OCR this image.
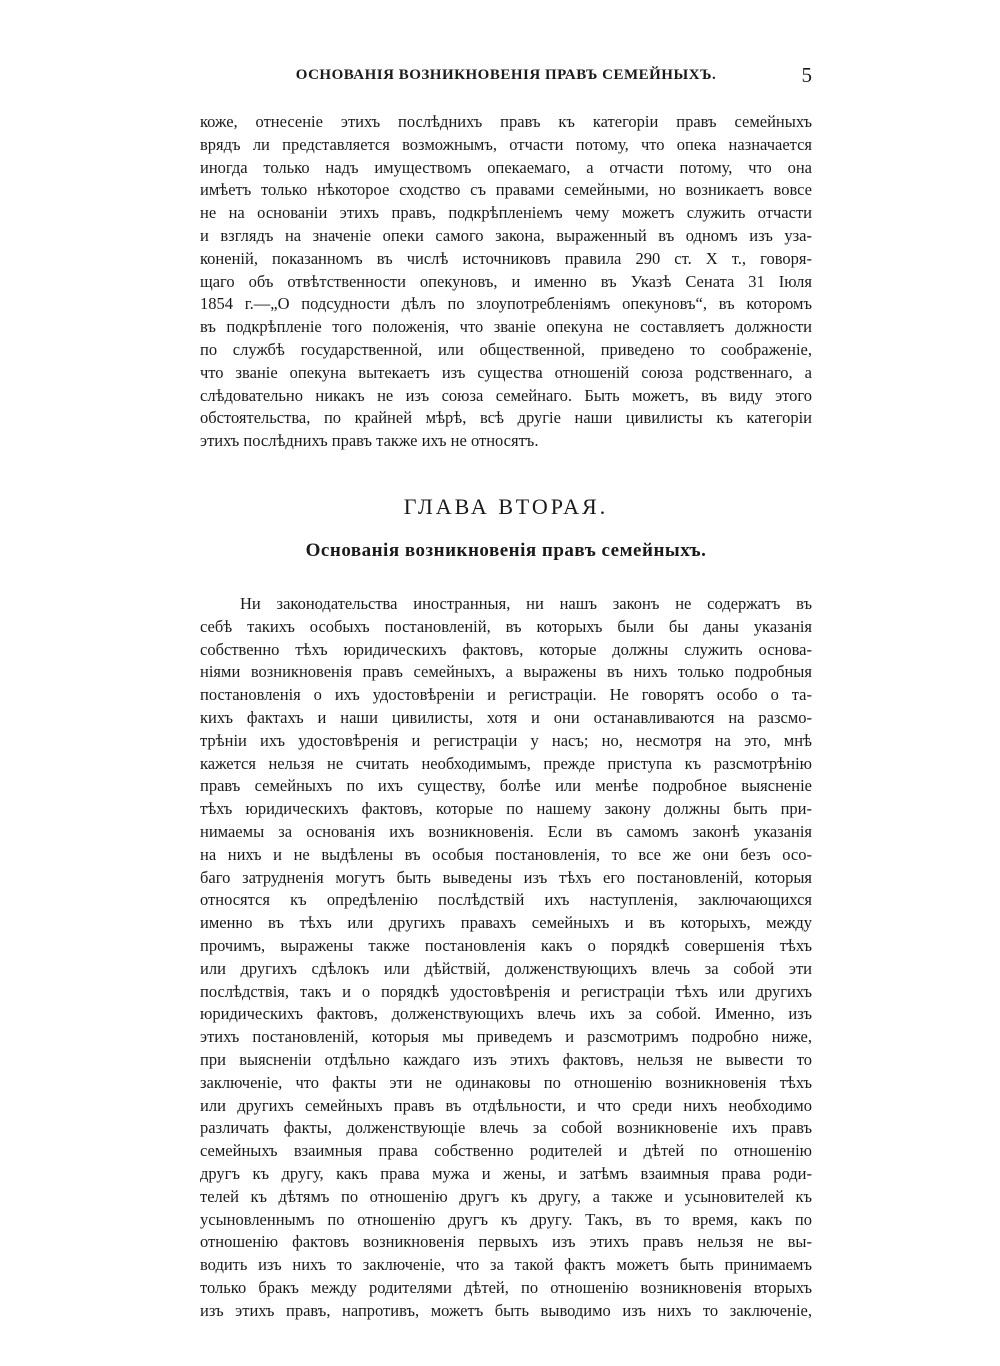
ОСНОВАНІЯ ВОЗНИКНОВЕНІЯ ПРАВЪ СЕМЕЙНЫХЪ.	5
коже, отнесеніе этихъ послѣднихъ правъ къ категоріи правъ семейныхъ
врядъ ли представляется возможнымъ, отчасти потому, что опека назначается
иногда только надъ имуществомъ опекаемаго, а отчасти потому, что она
имѣетъ только нѣкоторое сходство съ правами семейными, но возникаетъ вовсе
не на основаніи этихъ правъ, подкрѣпленіемъ чему можетъ служить отчасти
и взглядъ на значеніе опеки самого закона, выраженный въ одномъ изъ уза-
коненій, показанномъ въ числѣ источниковъ правила 290 ст. X т., говоря-
щаго объ отвѣтственности опекуновъ, и именно въ Указѣ Сената 31 Іюля
1854 г.—„О подсудности дѣлъ по злоупотребленіямъ опекуновъ“, въ которомъ
въ подкрѣпленіе того положенія, что званіе опекуна не составляетъ должности
по службѣ государственной, или общественной, приведено то соображеніе,
что званіе опекуна вытекаетъ изъ существа отношеній союза родственнаго, а
слѣдовательно никакъ не изъ союза семейнаго. Быть можетъ, въ виду этого
обстоятельства, по крайней мѣрѣ, всѣ другіе наши цивилисты къ категоріи
этихъ послѣднихъ правъ также ихъ не относятъ.
ГЛАВА ВТОРАЯ.
Основанія возникновенія правъ семейныхъ.
Ни законодательства иностранныя, ни нашъ законъ не содержатъ въ
себѣ такихъ особыхъ постановленій, въ которыхъ были бы даны указанія
собственно тѣхъ юридическихъ фактовъ, которые должны служить основа-
ніями возникновенія правъ семейныхъ, а выражены въ нихъ только подробныя
постановленія о ихъ удостовѣреніи и регистраціи. Не говорятъ особо о та-
кихъ фактахъ и наши цивилисты, хотя и они останавливаются на разсмо-
трѣніи ихъ удостовѣренія и регистраціи у насъ; но, несмотря на это, мнѣ
кажется нельзя не считать необходимымъ, прежде приступа къ разсмотрѣнію
правъ семейныхъ по ихъ существу, болѣе или менѣе подробное выясненіе
тѣхъ юридическихъ фактовъ, которые по нашему закону должны быть при-
нимаемы за основанія ихъ возникновенія. Если въ самомъ законѣ указанія
на нихъ и не выдѣлены въ особыя постановленія, то все же они безъ осо-
баго затрудненія могутъ быть выведены изъ тѣхъ его постановленій, которыя
относятся къ опредѣленію послѣдствій ихъ наступленія, заключающихся
именно въ тѣхъ или другихъ правахъ семейныхъ и въ которыхъ, между
прочимъ, выражены также постановленія какъ о порядкѣ совершенія тѣхъ
или другихъ сдѣлокъ или дѣйствій, долженствующихъ влечь за собой эти
послѣдствія, такъ и о порядкѣ удостовѣренія и регистраціи тѣхъ или другихъ
юридическихъ фактовъ, долженствующихъ влечь ихъ за собой. Именно, изъ
этихъ постановленій, которыя мы приведемъ и разсмотримъ подробно ниже,
при выясненіи отдѣльно каждаго изъ этихъ фактовъ, нельзя не вывести то
заключеніе, что факты эти не одинаковы по отношенію возникновенія тѣхъ
или другихъ семейныхъ правъ въ отдѣльности, и что среди нихъ необходимо
различать факты, долженствующіе влечь за собой возникновеніе ихъ правъ
семейныхъ взаимныя права собственно родителей и дѣтей по отношенію
другъ къ другу, какъ права мужа и жены, и затѣмъ взаимныя права роди-
телей къ дѣтямъ по отношенію другъ къ другу, а также и усыновителей къ
усыновленнымъ по отношенію другъ къ другу. Такъ, въ то время, какъ по
отношенію фактовъ возникновенія первыхъ изъ этихъ правъ нельзя не вы-
водить изъ нихъ то заключеніе, что за такой фактъ можетъ быть принимаемъ
только бракъ между родителями дѣтей, по отношенію возникновенія вторыхъ
изъ этихъ правъ, напротивъ, можетъ быть выводимо изъ нихъ то заключеніе,
